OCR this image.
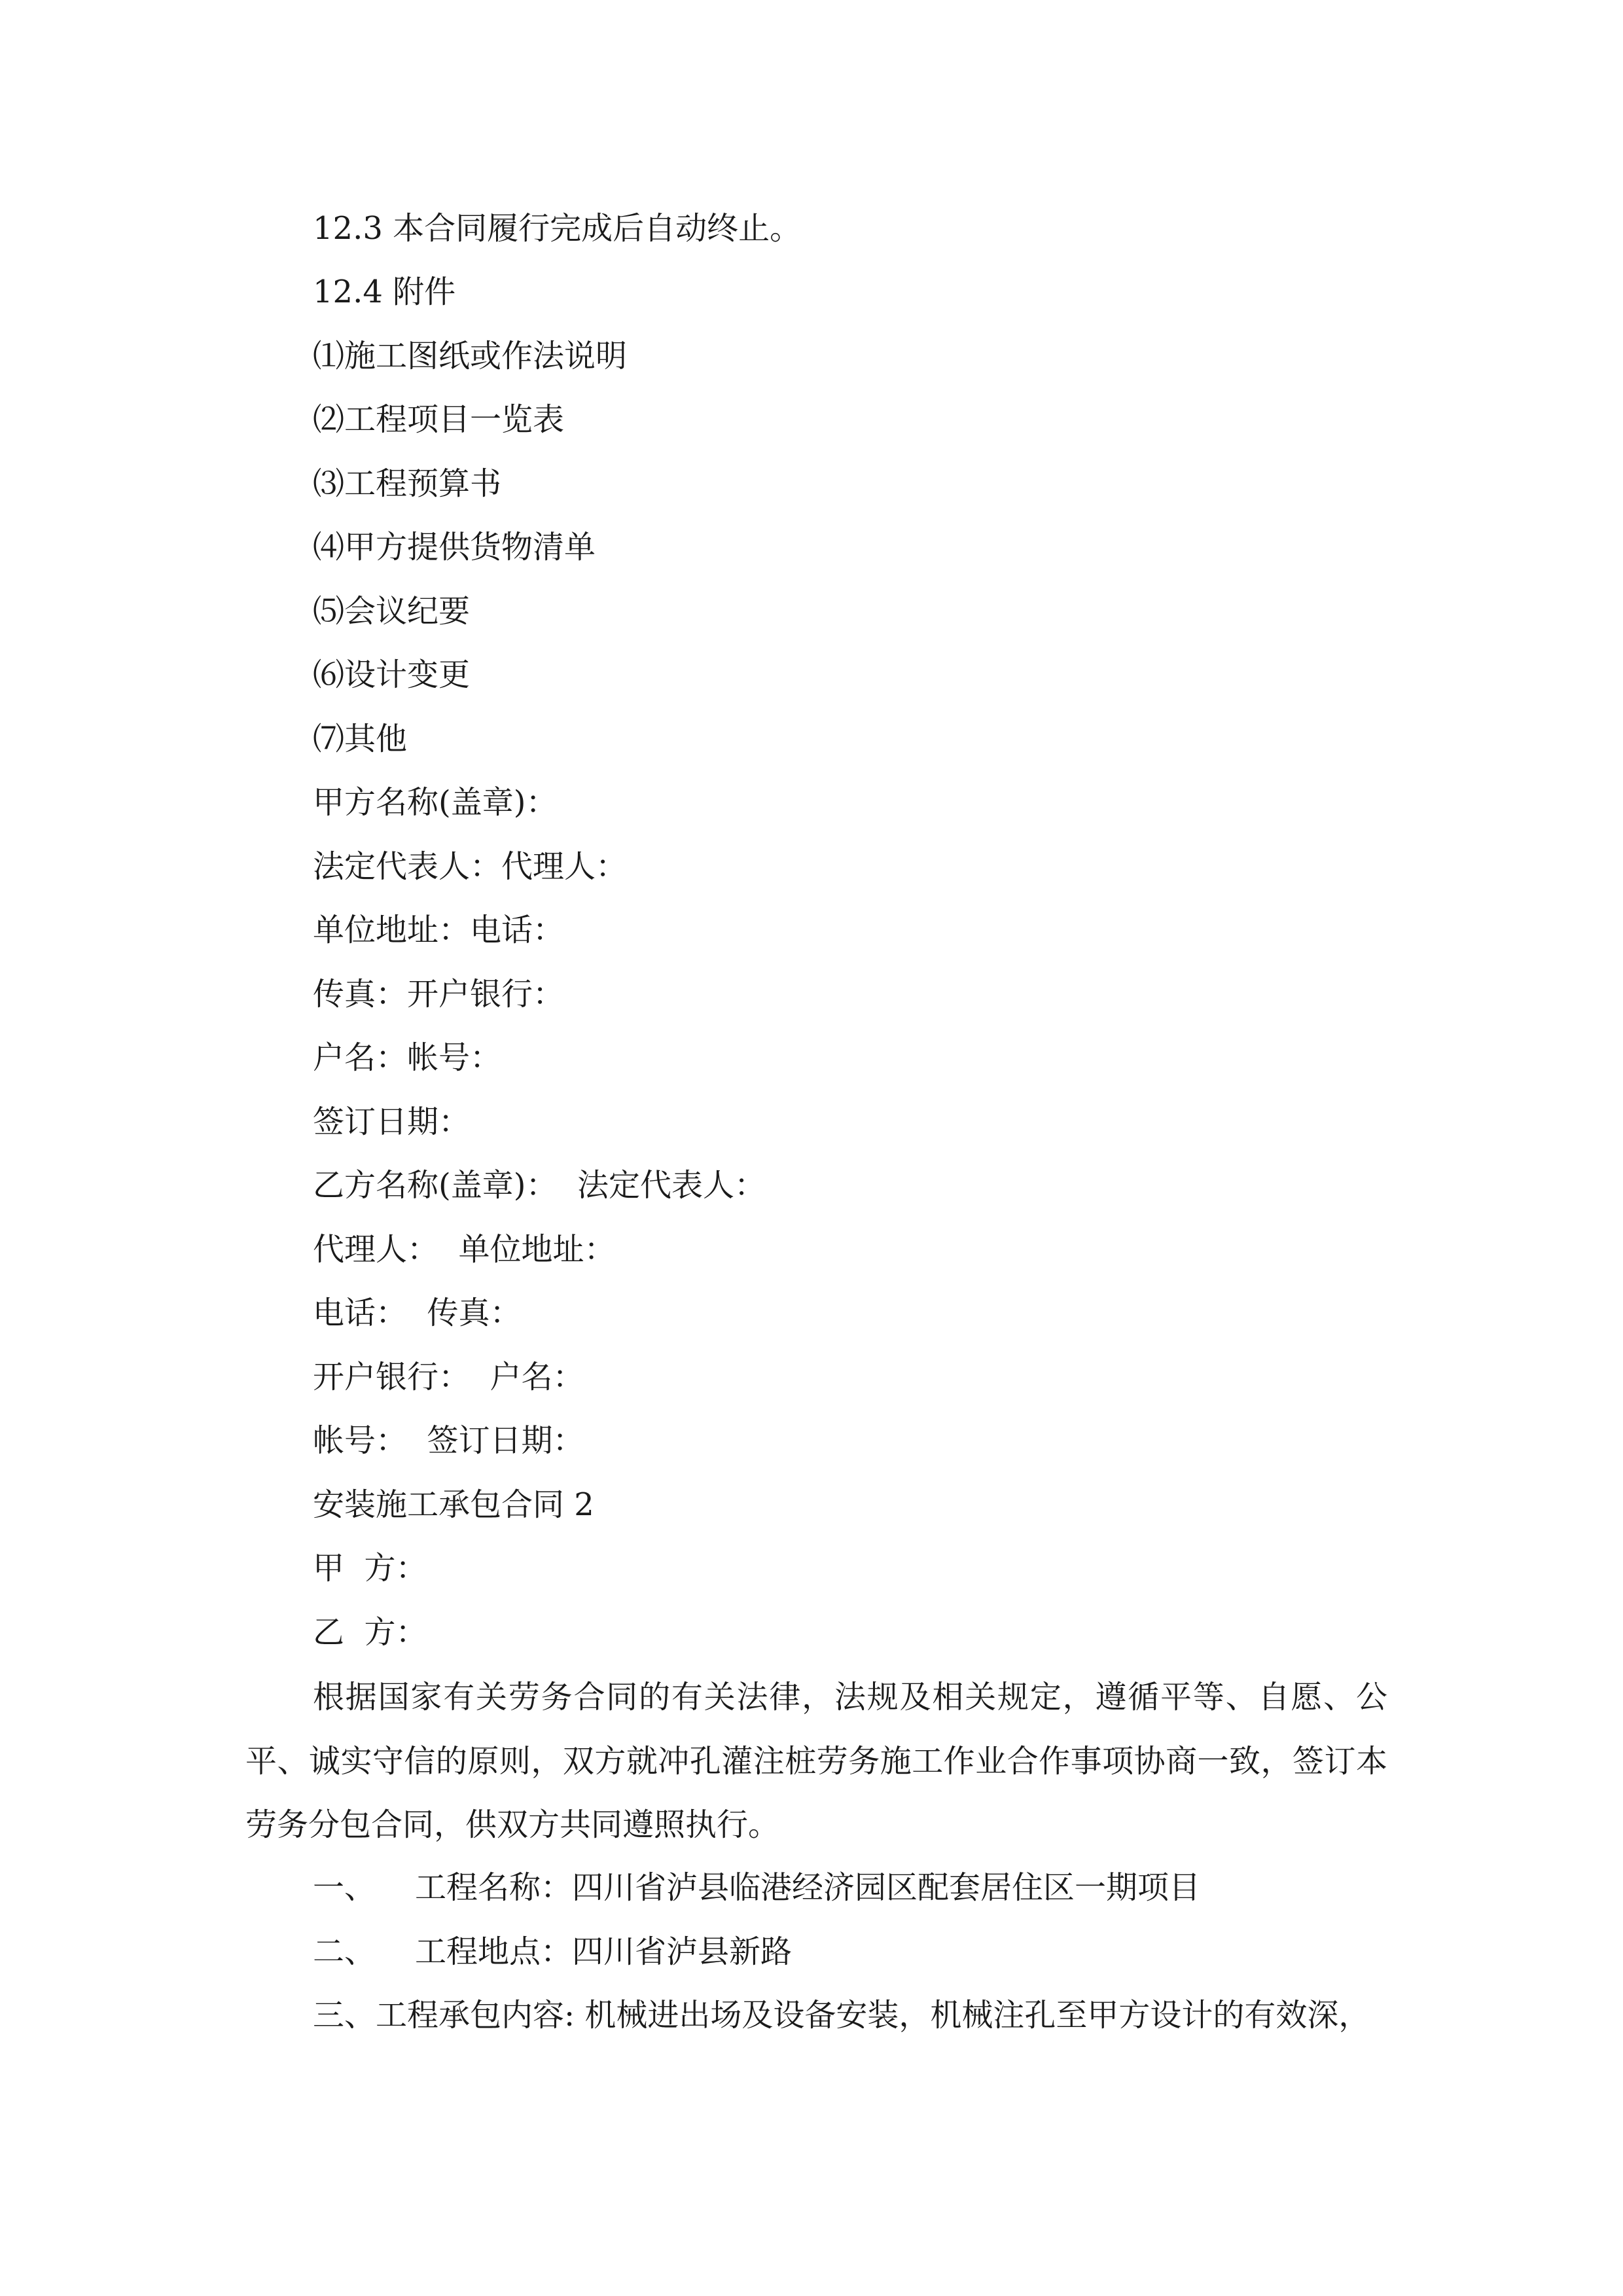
12.3 本合同履行完成后自动终止。
12.4 附件
⑴施工图纸或作法说明
⑵工程项目一览表
⑶工程预算书
⑷甲方提供货物清单
⑸会议纪要
⑹设计变更
⑺其他
甲方名称(盖章)：
法定代表人：代理人：
单位地址：电话：
传真：开户银行：
户名：帐号：
签订日期：
乙方名称(盖章)：  法定代表人：
代理人：  单位地址：
电话：  传真：
开户银行：  户名：
帐号：  签订日期：
安装施工承包合同 2
甲  方：
乙  方：
根据国家有关劳务合同的有关法律，法规及相关规定，遵循平等、自愿、公平、诚实守信的原则，双方就冲孔灌注桩劳务施工作业合作事项协商一致，签订本劳务分包合同，供双方共同遵照执行。
一、 工程名称：四川省泸县临港经济园区配套居住区一期项目
二、 工程地点：四川省泸县新路
三、工程承包内容: 机械进出场及设备安装，机械注孔至甲方设计的有效深，
